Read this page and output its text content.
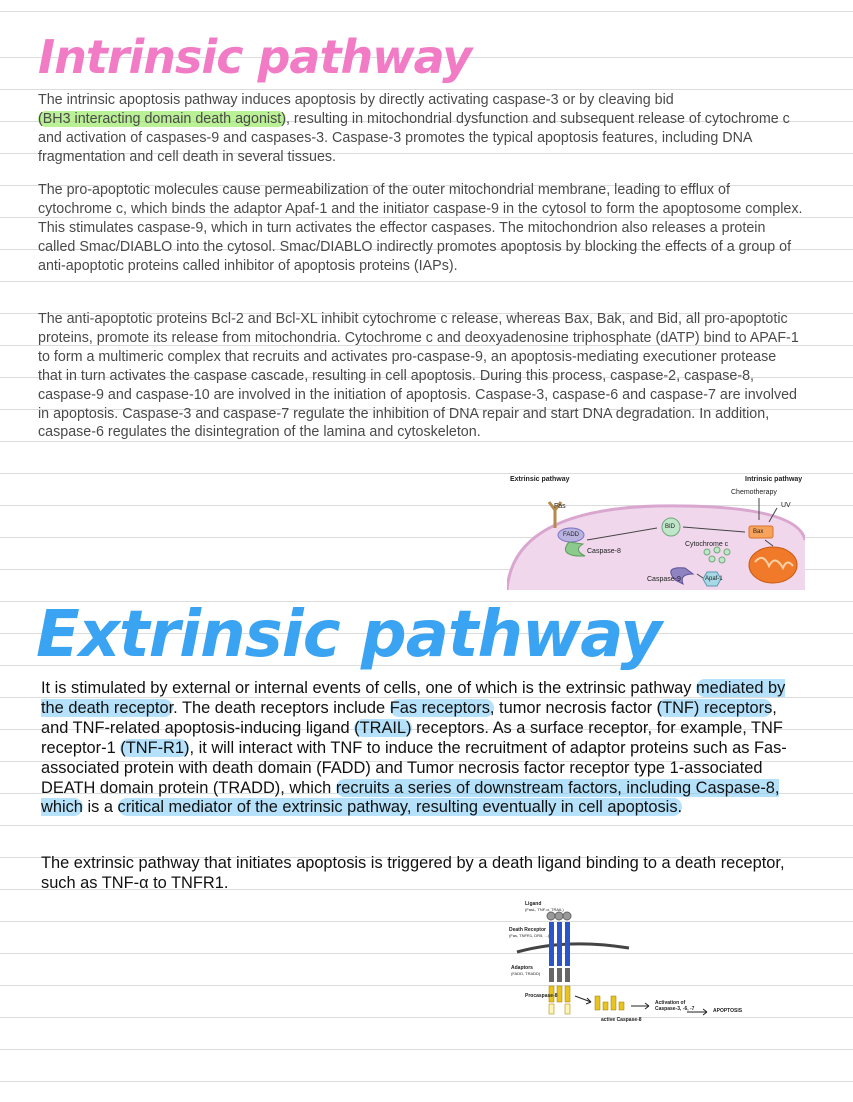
Intrinsic pathway

The intrinsic apoptosis pathway induces apoptosis by directly activating caspase-3 or by cleaving bid
(BH3 interacting domain death agonist), resulting in mitochondrial dysfunction and subsequent release of cytochrome c and activation of caspases-9 and caspases-3. Caspase-3 promotes the typical apoptosis features, including DNA fragmentation and cell death in several tissues.

The pro-apoptotic molecules cause permeabilization of the outer mitochondrial membrane, leading to efflux of cytochrome c, which binds the adaptor Apaf-1 and the initiator caspase-9 in the cytosol to form the apoptosome complex. This stimulates caspase-9, which in turn activates the effector caspases. The mitochondrion also releases a protein called Smac/DIABLO into the cytosol. Smac/DIABLO indirectly promotes apoptosis by blocking the effects of a group of anti-apoptotic proteins called inhibitor of apoptosis proteins (IAPs).

The anti-apoptotic proteins Bcl-2 and Bcl-XL inhibit cytochrome c release, whereas Bax, Bak, and Bid, all pro-apoptotic proteins, promote its release from mitochondria. Cytochrome c and deoxyadenosine triphosphate (dATP) bind to APAF-1 to form a multimeric complex that recruits and activates pro-caspase-9, an apoptosis-mediating executioner protease that in turn activates the caspase cascade, resulting in cell apoptosis. During this process, caspase-2, caspase-8, caspase-9 and caspase-10 are involved in the initiation of apoptosis. Caspase-3, caspase-6 and caspase-7 are involved in apoptosis. Caspase-3 and caspase-7 regulate the inhibition of DNA repair and start DNA degradation. In addition, caspase-6 regulates the disintegration of the lamina and cytoskeleton.

Extrinsic pathway	Intrinsic pathway
Chemotherapy
UV
Fas
FADD
Caspase-8
BID
Bax
Cytochrome c
Caspase-9	Apaf-1
Extrinsic pathway

It is stimulated by external or internal events of cells, one of which is the extrinsic pathway mediated by the death receptor. The death receptors include Fas receptors, tumor necrosis factor (TNF) receptors, and TNF-related apoptosis-inducing ligand (TRAIL) receptors. As a surface receptor, for example, TNF receptor-1 (TNF-R1), it will interact with TNF to induce the recruitment of adaptor proteins such as Fas-associated protein with death domain (FADD) and Tumor necrosis factor receptor type 1-associated DEATH domain protein (TRADD), which recruits a series of downstream factors, including Caspase-8, which is a critical mediator of the extrinsic pathway, resulting eventually in cell apoptosis.

The extrinsic pathway that initiates apoptosis is triggered by a death ligand binding to a death receptor, such as TNF-α to TNFR1.

Ligand
(FasL, TNF-α, TRAIL)
Death Receptor
(Fas, TNFR1, DR5, ...)
Adaptors
(FADD, TRADD)
Procaspase-8
active Caspase-8
Activation of
Caspase-3, -6, -7	APOPTOSIS
